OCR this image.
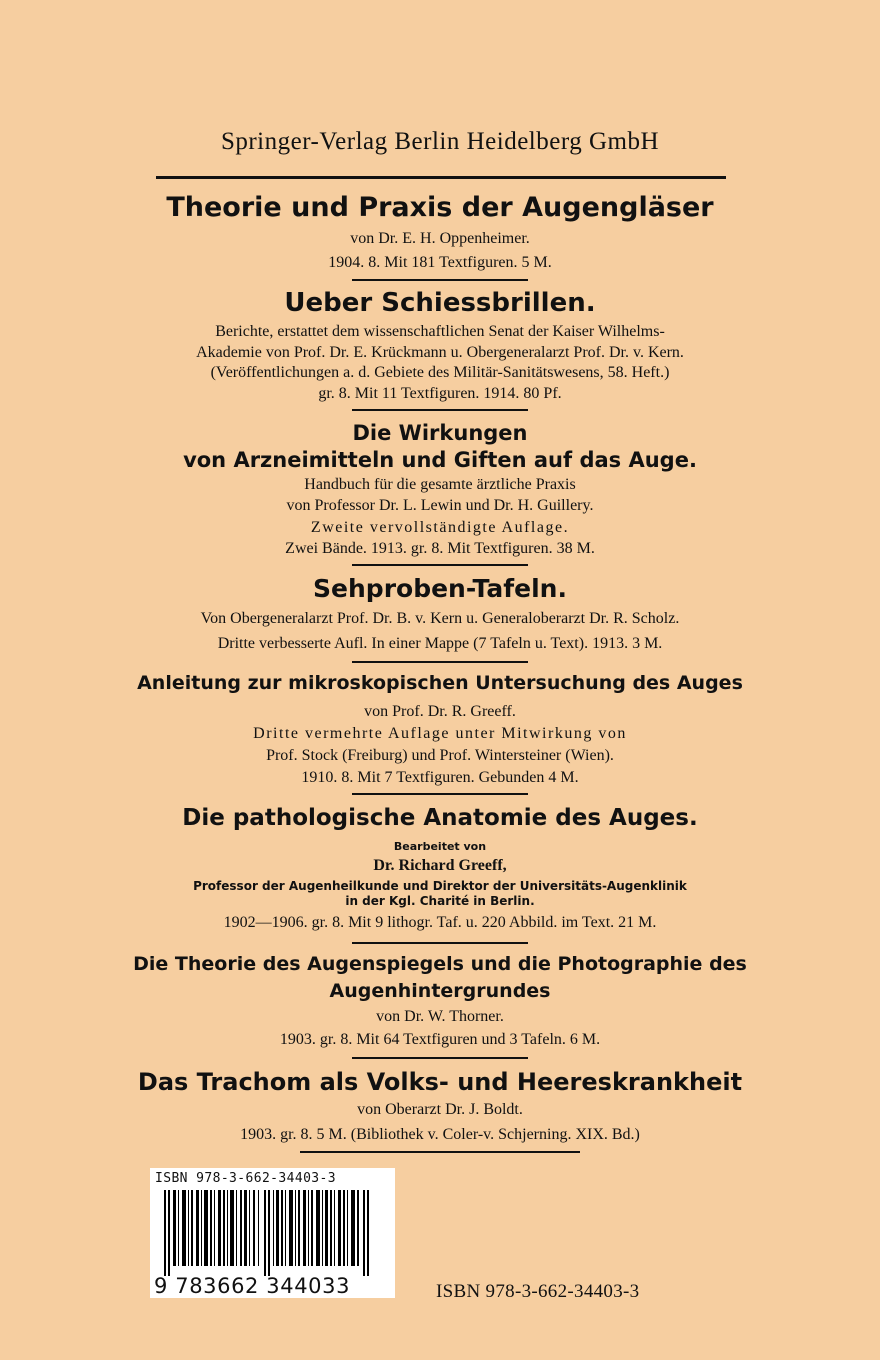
Springer-Verlag Berlin Heidelberg GmbH
Theorie und Praxis der Augengläser
von Dr. E. H. Oppenheimer.
1904. 8. Mit 181 Textfiguren. 5 M.
Ueber Schiessbrillen.
Berichte, erstattet dem wissenschaftlichen Senat der Kaiser Wilhelms-
Akademie von Prof. Dr. E. Krückmann u. Obergeneralarzt Prof. Dr. v. Kern.
(Veröffentlichungen a. d. Gebiete des Militär-Sanitätswesens, 58. Heft.)
gr. 8. Mit 11 Textfiguren. 1914. 80 Pf.
Die Wirkungen
von Arzneimitteln und Giften auf das Auge.
Handbuch für die gesamte ärztliche Praxis
von Professor Dr. L. Lewin und Dr. H. Guillery.
Zweite vervollständigte Auflage.
Zwei Bände. 1913. gr. 8. Mit Textfiguren. 38 M.
Sehproben-Tafeln.
Von Obergeneralarzt Prof. Dr. B. v. Kern u. Generaloberarzt Dr. R. Scholz.
Dritte verbesserte Aufl. In einer Mappe (7 Tafeln u. Text). 1913. 3 M.
Anleitung zur mikroskopischen Untersuchung des Auges
von Prof. Dr. R. Greeff.
Dritte vermehrte Auflage unter Mitwirkung von
Prof. Stock (Freiburg) und Prof. Wintersteiner (Wien).
1910. 8. Mit 7 Textfiguren. Gebunden 4 M.
Die pathologische Anatomie des Auges.
Bearbeitet von
Dr. Richard Greeff,
Professor der Augenheilkunde und Direktor der Universitäts-Augenklinik
in der Kgl. Charité in Berlin.
1902—1906. gr. 8. Mit 9 lithogr. Taf. u. 220 Abbild. im Text. 21 M.
Die Theorie des Augenspiegels und die Photographie des
Augenhintergrundes
von Dr. W. Thorner.
1903. gr. 8. Mit 64 Textfiguren und 3 Tafeln. 6 M.
Das Trachom als Volks- und Heereskrankheit
von Oberarzt Dr. J. Boldt.
1903. gr. 8. 5 M. (Bibliothek v. Coler-v. Schjerning. XIX. Bd.)
ISBN 978-3-662-34403-3
9 783662 344033	ISBN 978-3-662-34403-3
